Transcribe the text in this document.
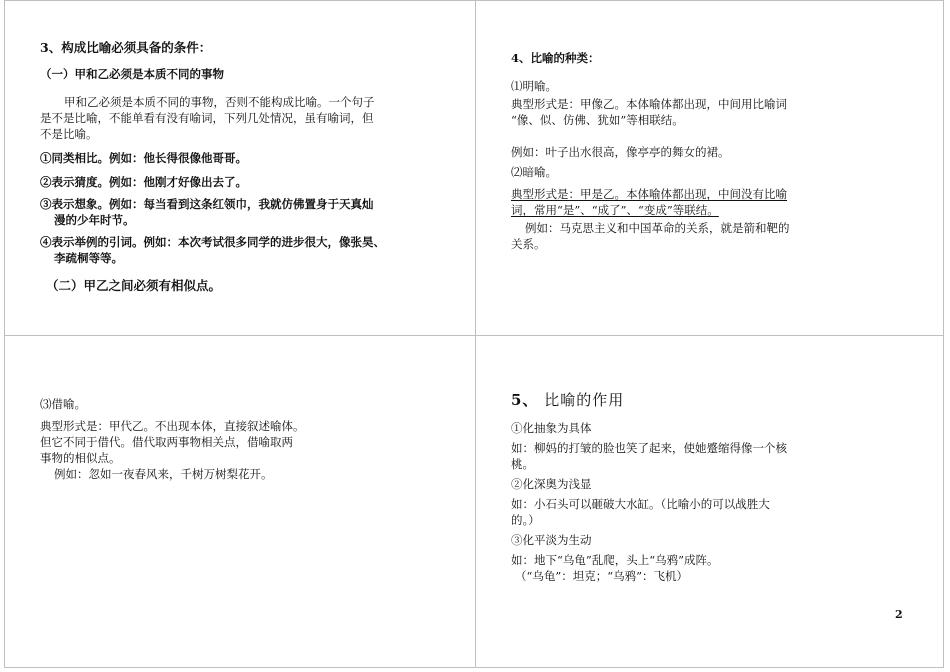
3、构成比喻必须具备的条件：

（一）甲和乙必须是本质不同的事物

甲和乙必须是本质不同的事物，否则不能构成比喻。一个句子

是不是比喻，不能单看有没有喻词，下列几处情况，虽有喻词，但

不是比喻。

①同类相比。例如：他长得很像他哥哥。

②表示猜度。例如：他刚才好像出去了。

③表示想象。例如：每当看到这条红领巾，我就仿佛置身于天真灿

漫的少年时节。

④表示举例的引词。例如：本次考试很多同学的进步很大，像张昊、

李疏桐等等。

（二）甲乙之间必须有相似点。

4、比喻的种类：

⑴明喻。

典型形式是：甲像乙。本体喻体都出现，中间用比喻词

“像、似、仿佛、犹如”等相联结。

例如：叶子出水很高，像亭亭的舞女的裙。

⑵暗喻。

典型形式是：甲是乙。本体喻体都出现，中间没有比喻

词，常用“是”、“成了”、“变成”等联结。

例如：马克思主义和中国革命的关系，就是箭和靶的

关系。

⑶借喻。

典型形式是：甲代乙。不出现本体，直接叙述喻体。

但它不同于借代。借代取两事物相关点，借喻取两

事物的相似点。

例如：忽如一夜春风来，千树万树梨花开。

5、 比喻的作用

①化抽象为具体

如：柳妈的打皱的脸也笑了起来，使她蹙缩得像一个核

桃。

②化深奥为浅显

如：小石头可以砸破大水缸。（比喻小的可以战胜大

的。）

③化平淡为生动

如：地下“乌龟”乱爬，头上“乌鸦”成阵。

（“乌龟”：坦克；“乌鸦”：飞机）

2
